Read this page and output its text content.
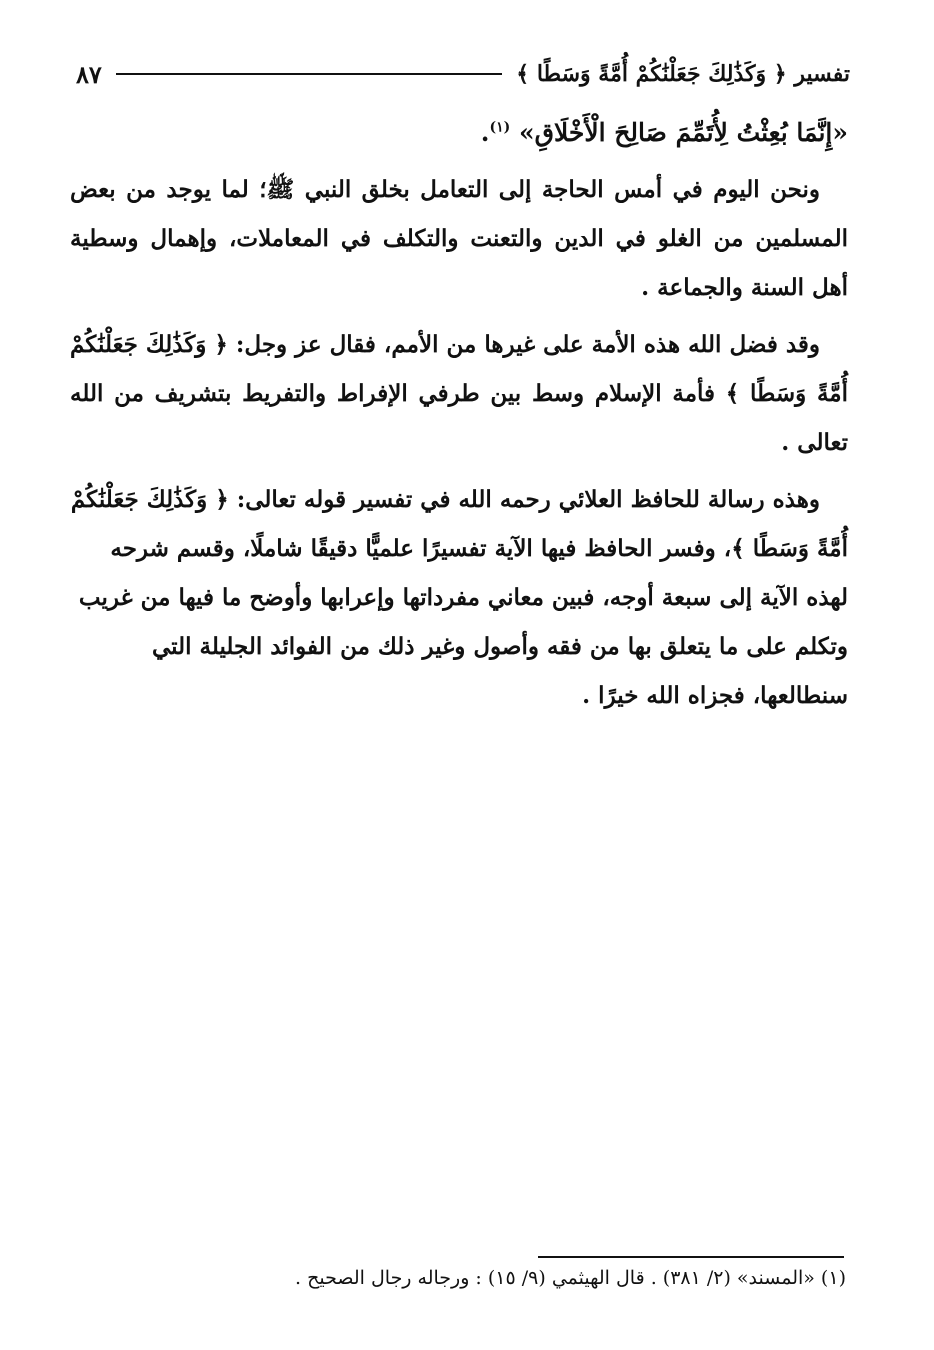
تفسير ﴿ وَكَذَٰلِكَ جَعَلْنَٰكُمْ أُمَّةً وَسَطًا ﴾
٨٧

«إِنَّمَا بُعِثْتُ لِأُتَمِّمَ صَالِحَ الْأَخْلَاقِ» $^{(١)}$.

ونحن اليوم في أمس الحاجة إلى التعامل بخلق النبي ﷺ؛ لما يوجد من بعض المسلمين من الغلو في الدين والتعنت والتكلف في المعاملات، وإهمال وسطية أهل السنة والجماعة .

وقد فضل الله هذه الأمة على غيرها من الأمم، فقال عز وجل: ﴿ وَكَذَٰلِكَ جَعَلْنَٰكُمْ أُمَّةً وَسَطًا ﴾ فأمة الإسلام وسط بين طرفي الإفراط والتفريط بتشريف من الله تعالى .

وهذه رسالة للحافظ العلائي رحمه الله في تفسير قوله تعالى: ﴿ وَكَذَٰلِكَ جَعَلْنَٰكُمْ أُمَّةً وَسَطًا ﴾، وفسر الحافظ فيها الآية تفسيرًا علميًّا دقيقًا شاملًا، وقسم شرحه لهذه الآية إلى سبعة أوجه، فبين معاني مفرداتها وإعرابها وأوضح ما فيها من غريب وتكلم على ما يتعلق بها من فقه وأصول وغير ذلك من الفوائد الجليلة التي سنطالعها، فجزاه الله خيرًا .

(١) «المسند» (٢/ ٣٨١) . قال الهيثمي (٩/ ١٥) : ورجاله رجال الصحيح .
